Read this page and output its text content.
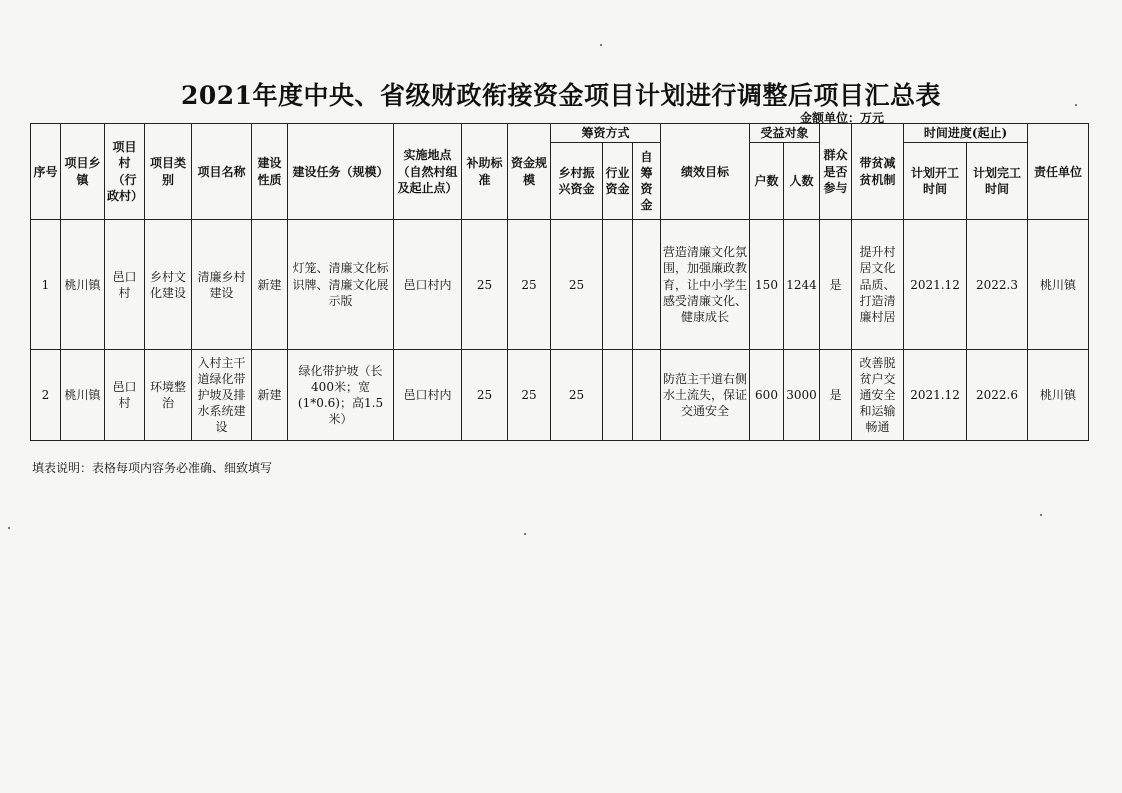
2021年度中央、省级财政衔接资金项目计划进行调整后项目汇总表
金额单位：万元
序号	项目乡镇	项目村（行政村）	项目类别	项目名称	建设性质	建设任务（规模）	实施地点（自然村组及起止点）	补助标准	资金规模	筹资方式			绩效目标	受益对象		群众是否参与	带贫减贫机制	时间进度(起止)		责任单位
										乡村振兴资金	行业资金	自筹资金		户数	人数			计划开工时间	计划完工时间	
1	桃川镇	邑口村	乡村文化建设	清廉乡村建设	新建	灯笼、清廉文化标识牌、清廉文化展示版	邑口村内	25	25	25			营造清廉文化氛围，加强廉政教育，让中小学生感受清廉文化、健康成长	150	1244	是	提升村居文化品质、打造清廉村居	2021.12	2022.3	桃川镇
2	桃川镇	邑口村	环境整治	入村主干道绿化带护坡及排水系统建设	新建	绿化带护坡（长400米；宽(1*0.6)；高1.5米）	邑口村内	25	25	25			防范主干道右侧水土流失，保证交通安全	600	3000	是	改善脱贫户交通安全和运输畅通	2021.12	2022.6	桃川镇
填表说明：表格每项内容务必准确、细致填写
